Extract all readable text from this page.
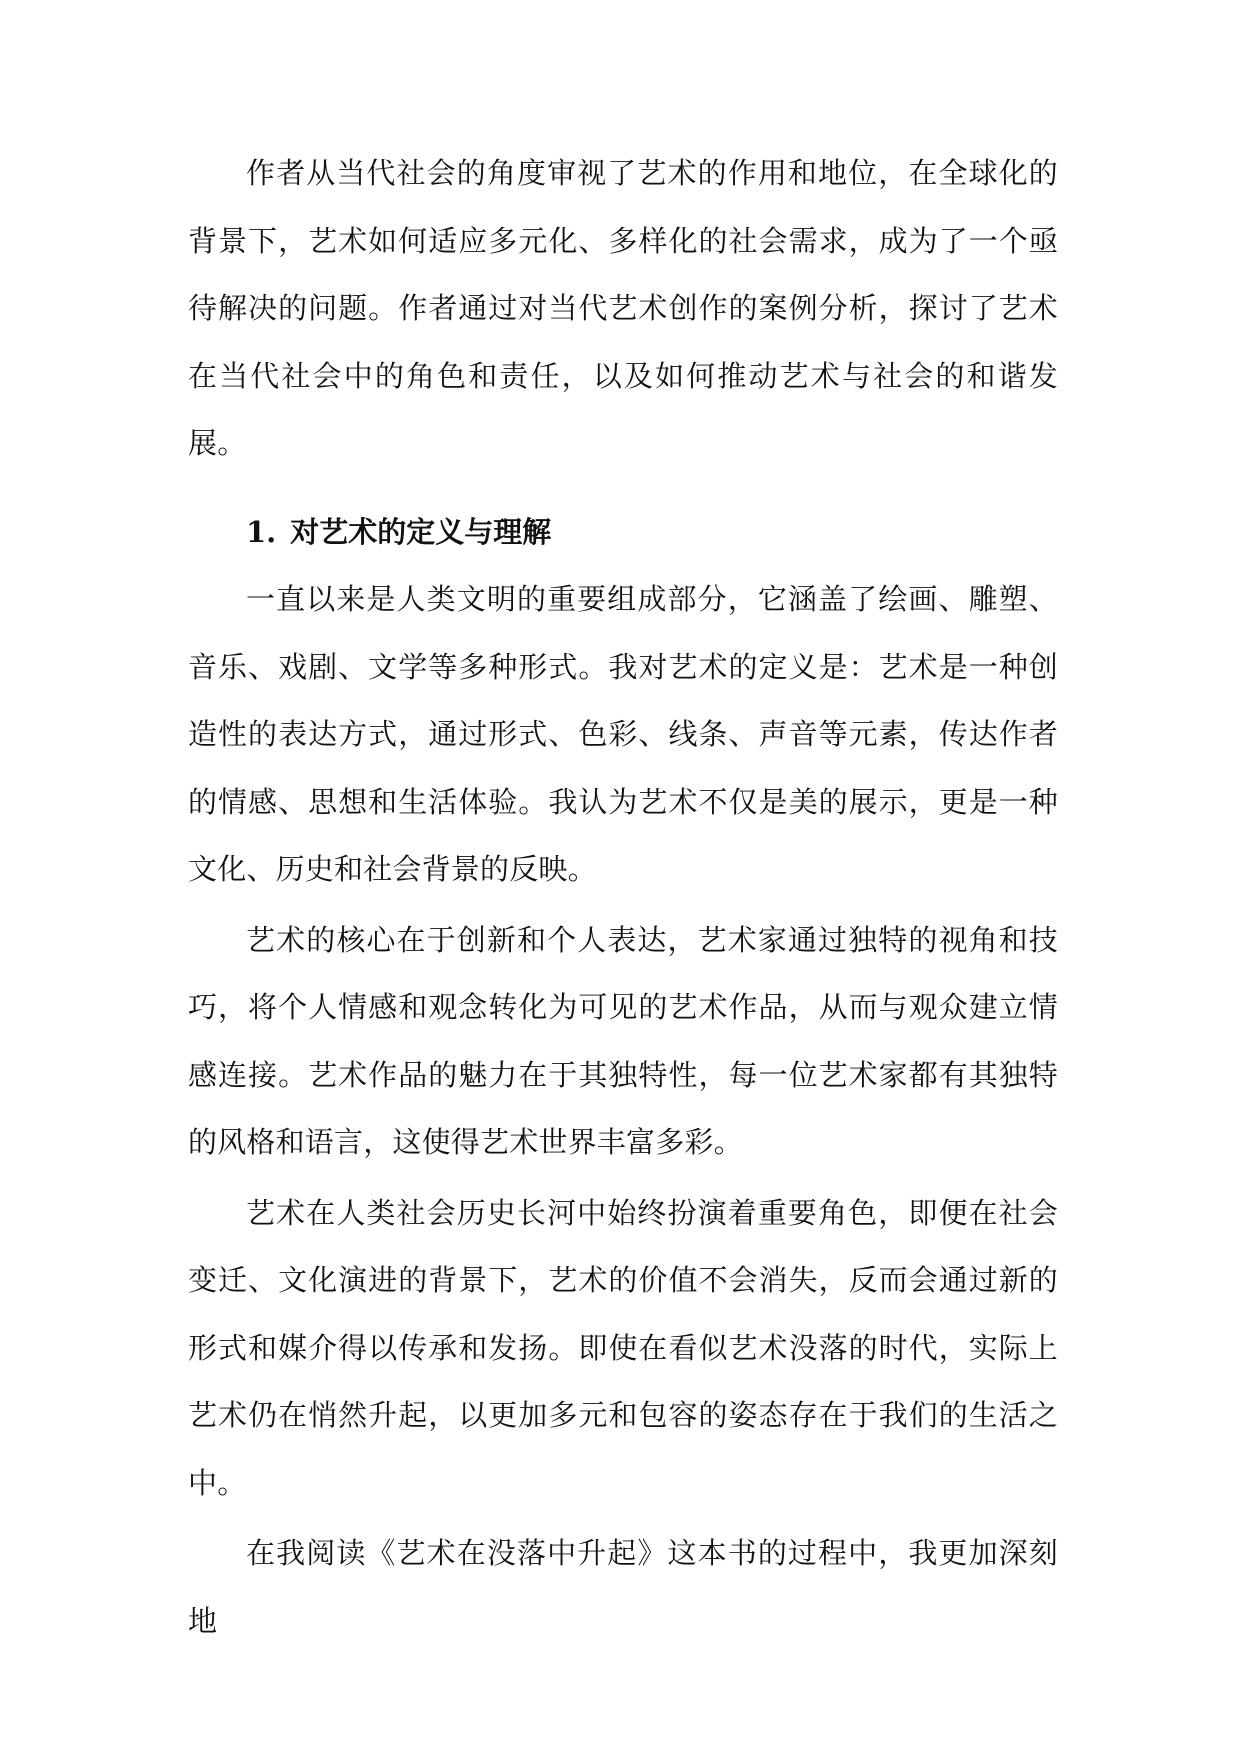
作者从当代社会的角度审视了艺术的作用和地位，在全球化的背景下，艺术如何适应多元化、多样化的社会需求，成为了一个亟待解决的问题。作者通过对当代艺术创作的案例分析，探讨了艺术在当代社会中的角色和责任，以及如何推动艺术与社会的和谐发展。

1. 对艺术的定义与理解

一直以来是人类文明的重要组成部分，它涵盖了绘画、雕塑、音乐、戏剧、文学等多种形式。我对艺术的定义是：艺术是一种创造性的表达方式，通过形式、色彩、线条、声音等元素，传达作者的情感、思想和生活体验。我认为艺术不仅是美的展示，更是一种文化、历史和社会背景的反映。

艺术的核心在于创新和个人表达，艺术家通过独特的视角和技巧，将个人情感和观念转化为可见的艺术作品，从而与观众建立情感连接。艺术作品的魅力在于其独特性，每一位艺术家都有其独特的风格和语言，这使得艺术世界丰富多彩。

艺术在人类社会历史长河中始终扮演着重要角色，即便在社会变迁、文化演进的背景下，艺术的价值不会消失，反而会通过新的形式和媒介得以传承和发扬。即使在看似艺术没落的时代，实际上艺术仍在悄然升起，以更加多元和包容的姿态存在于我们的生活之中。

在我阅读《艺术在没落中升起》这本书的过程中，我更加深刻地
